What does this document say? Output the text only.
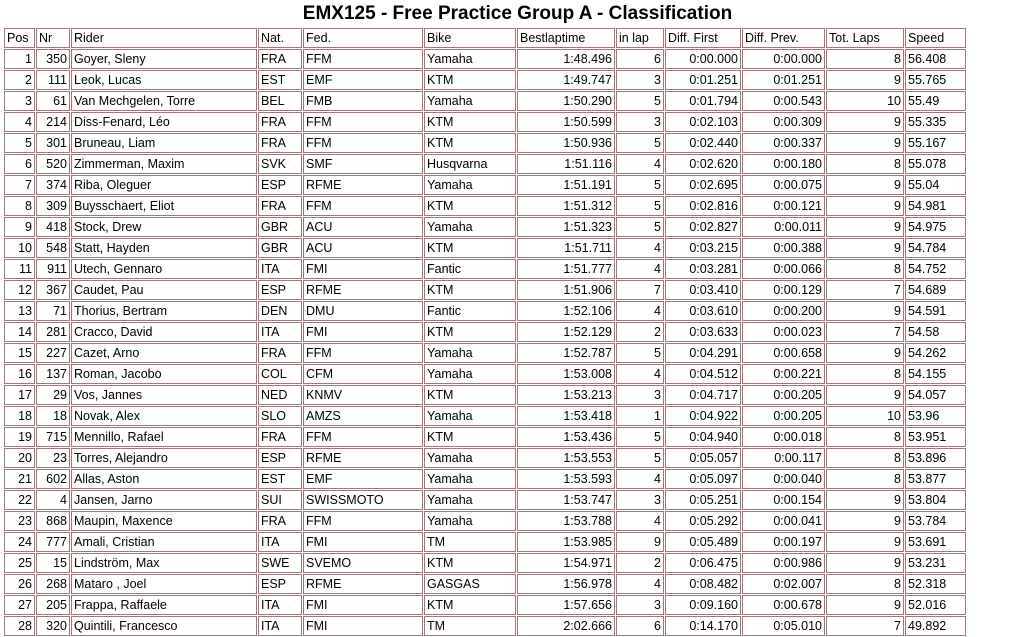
EMX125 - Free Practice Group A - Classification
Pos	Nr	Rider	Nat.	Fed.	Bike	Bestlaptime	in lap	Diff. First	Diff. Prev.	Tot. Laps	Speed
1	350	Goyer, Sleny	FRA	FFM	Yamaha	1:48.496	6	0:00.000	0:00.000	8	56.408
2	111	Leok, Lucas	EST	EMF	KTM	1:49.747	3	0:01.251	0:01.251	9	55.765
3	61	Van Mechgelen, Torre	BEL	FMB	Yamaha	1:50.290	5	0:01.794	0:00.543	10	55.49
4	214	Diss-Fenard, Léo	FRA	FFM	KTM	1:50.599	3	0:02.103	0:00.309	9	55.335
5	301	Bruneau, Liam	FRA	FFM	KTM	1:50.936	5	0:02.440	0:00.337	9	55.167
6	520	Zimmerman, Maxim	SVK	SMF	Husqvarna	1:51.116	4	0:02.620	0:00.180	8	55.078
7	374	Riba, Oleguer	ESP	RFME	Yamaha	1:51.191	5	0:02.695	0:00.075	9	55.04
8	309	Buysschaert, Eliot	FRA	FFM	KTM	1:51.312	5	0:02.816	0:00.121	9	54.981
9	418	Stock, Drew	GBR	ACU	Yamaha	1:51.323	5	0:02.827	0:00.011	9	54.975
10	548	Statt, Hayden	GBR	ACU	KTM	1:51.711	4	0:03.215	0:00.388	9	54.784
11	911	Utech, Gennaro	ITA	FMI	Fantic	1:51.777	4	0:03.281	0:00.066	8	54.752
12	367	Caudet, Pau	ESP	RFME	KTM	1:51.906	7	0:03.410	0:00.129	7	54.689
13	71	Thorius, Bertram	DEN	DMU	Fantic	1:52.106	4	0:03.610	0:00.200	9	54.591
14	281	Cracco, David	ITA	FMI	KTM	1:52.129	2	0:03.633	0:00.023	7	54.58
15	227	Cazet, Arno	FRA	FFM	Yamaha	1:52.787	5	0:04.291	0:00.658	9	54.262
16	137	Roman, Jacobo	COL	CFM	Yamaha	1:53.008	4	0:04.512	0:00.221	8	54.155
17	29	Vos, Jannes	NED	KNMV	KTM	1:53.213	3	0:04.717	0:00.205	9	54.057
18	18	Novak, Alex	SLO	AMZS	Yamaha	1:53.418	1	0:04.922	0:00.205	10	53.96
19	715	Mennillo, Rafael	FRA	FFM	KTM	1:53.436	5	0:04.940	0:00.018	8	53.951
20	23	Torres, Alejandro	ESP	RFME	Yamaha	1:53.553	5	0:05.057	0:00.117	8	53.896
21	602	Allas, Aston	EST	EMF	Yamaha	1:53.593	4	0:05.097	0:00.040	8	53.877
22	4	Jansen, Jarno	SUI	SWISSMOTO	Yamaha	1:53.747	3	0:05.251	0:00.154	9	53.804
23	868	Maupin, Maxence	FRA	FFM	Yamaha	1:53.788	4	0:05.292	0:00.041	9	53.784
24	777	Amali, Cristian	ITA	FMI	TM	1:53.985	9	0:05.489	0:00.197	9	53.691
25	15	Lindström, Max	SWE	SVEMO	KTM	1:54.971	2	0:06.475	0:00.986	9	53.231
26	268	Mataro , Joel	ESP	RFME	GASGAS	1:56.978	4	0:08.482	0:02.007	8	52.318
27	205	Frappa, Raffaele	ITA	FMI	KTM	1:57.656	3	0:09.160	0:00.678	9	52.016
28	320	Quintili, Francesco	ITA	FMI	TM	2:02.666	6	0:14.170	0:05.010	7	49.892
